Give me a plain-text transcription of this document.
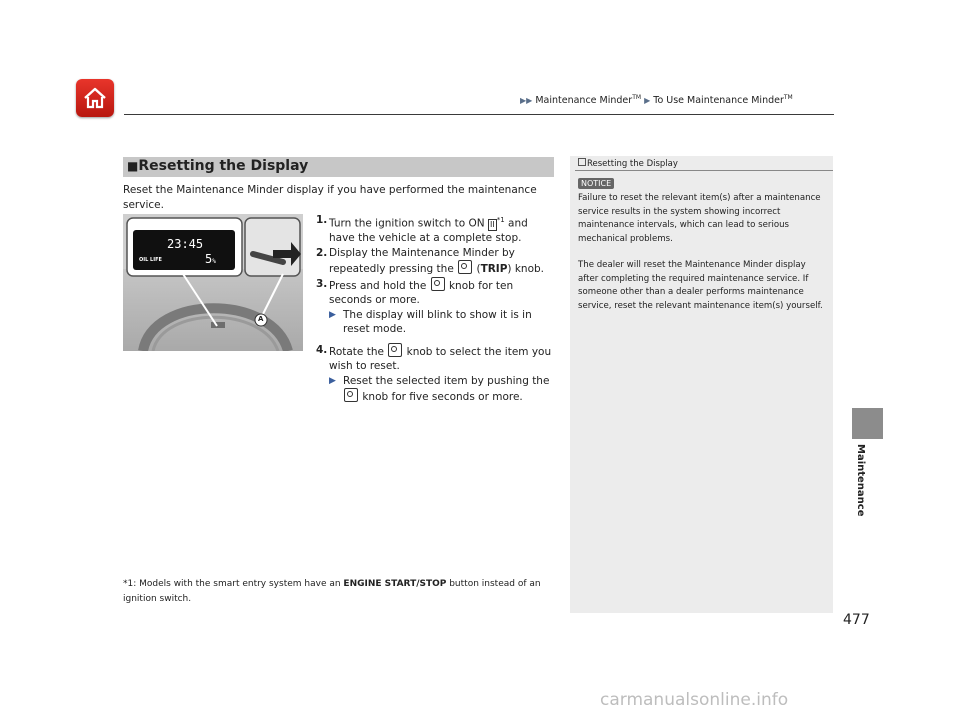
▶▶ Maintenance Minder™ ▶ To Use Maintenance Minder™
Maintenance
477
■Resetting the Display
Reset the Maintenance Minder display if you have performed the maintenance service.
23:45
OIL LIFE	5%
A

1. Turn the ignition switch to ON II $^{*1}$ and have the vehicle at a complete stop.

2. Display the Maintenance Minder by repeatedly pressing the  (TRIP) knob.

3. Press and hold the  knob for ten seconds or more.

▶ The display will blink to show it is in reset mode.

4. Rotate the  knob to select the item you wish to reset.

▶ Reset the selected item by pushing the  knob for five seconds or more.

*1: Models with the smart entry system have an ENGINE START/STOP button instead of an ignition switch.
Resetting the Display
NOTICE
Failure to reset the relevant item(s) after a maintenance service results in the system showing incorrect maintenance intervals, which can lead to serious mechanical problems.
The dealer will reset the Maintenance Minder display after completing the required maintenance service. If someone other than a dealer performs maintenance service, reset the relevant maintenance item(s) yourself.
carmanualsonline.info
